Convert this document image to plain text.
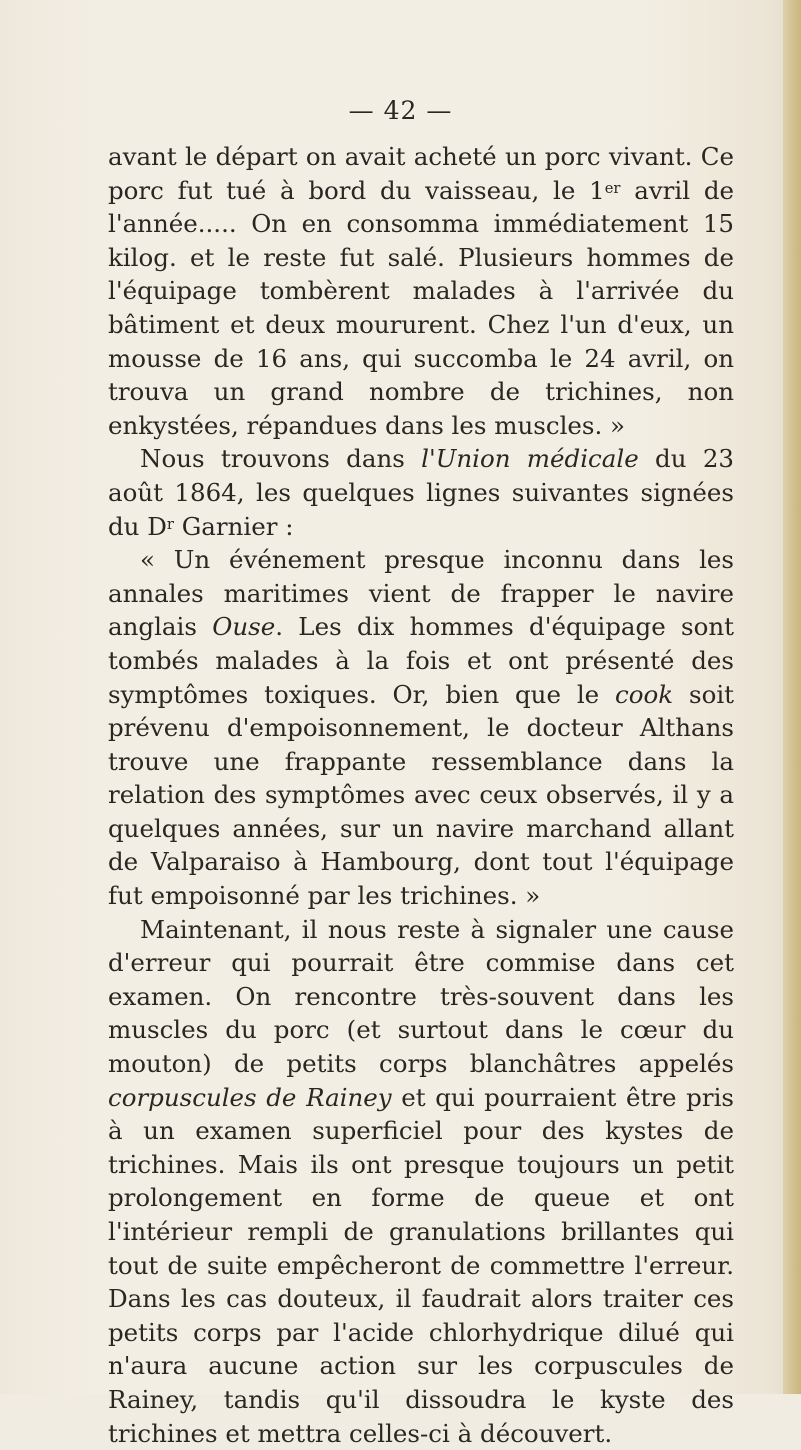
— 42 —

avant le départ on avait acheté un porc vivant. Ce porc fut tué à bord du vaisseau, le 1er avril de l'année..... On en consomma immédiatement 15 kilog. et le reste fut salé. Plusieurs hommes de l'équipage tombèrent malades à l'arrivée du bâtiment et deux moururent. Chez l'un d'eux, un mousse de 16 ans, qui succomba le 24 avril, on trouva un grand nombre de trichines, non enkystées, répandues dans les muscles. »

Nous trouvons dans l'Union médicale du 23 août 1864, les quelques lignes suivantes signées du $D^r$ Garnier :

« Un événement presque inconnu dans les annales maritimes vient de frapper le navire anglais Ouse. Les dix hommes d'équipage sont tombés malades à la fois et ont présenté des symptômes toxiques. Or, bien que le cook soit prévenu d'empoisonnement, le docteur Althans trouve une frappante ressemblance dans la relation des symptômes avec ceux observés, il y a quelques années, sur un navire marchand allant de Valparaiso à Hambourg, dont tout l'équipage fut empoisonné par les trichines. »

Maintenant, il nous reste à signaler une cause d'erreur qui pourrait être commise dans cet examen. On rencontre très-souvent dans les muscles du porc (et surtout dans le cœur du mouton) de petits corps blanchâtres appelés corpuscules de Rainey et qui pourraient être pris à un examen superficiel pour des kystes de trichines. Mais ils ont presque toujours un petit prolongement en forme de queue et ont l'intérieur rempli de granulations brillantes qui tout de suite empêcheront de commettre l'erreur. Dans les cas douteux, il faudrait alors traiter ces petits corps par l'acide chlorhydrique dilué qui n'aura aucune action sur les corpuscules de Rainey, tandis qu'il dissoudra le kyste des trichines et mettra celles-ci à découvert.
